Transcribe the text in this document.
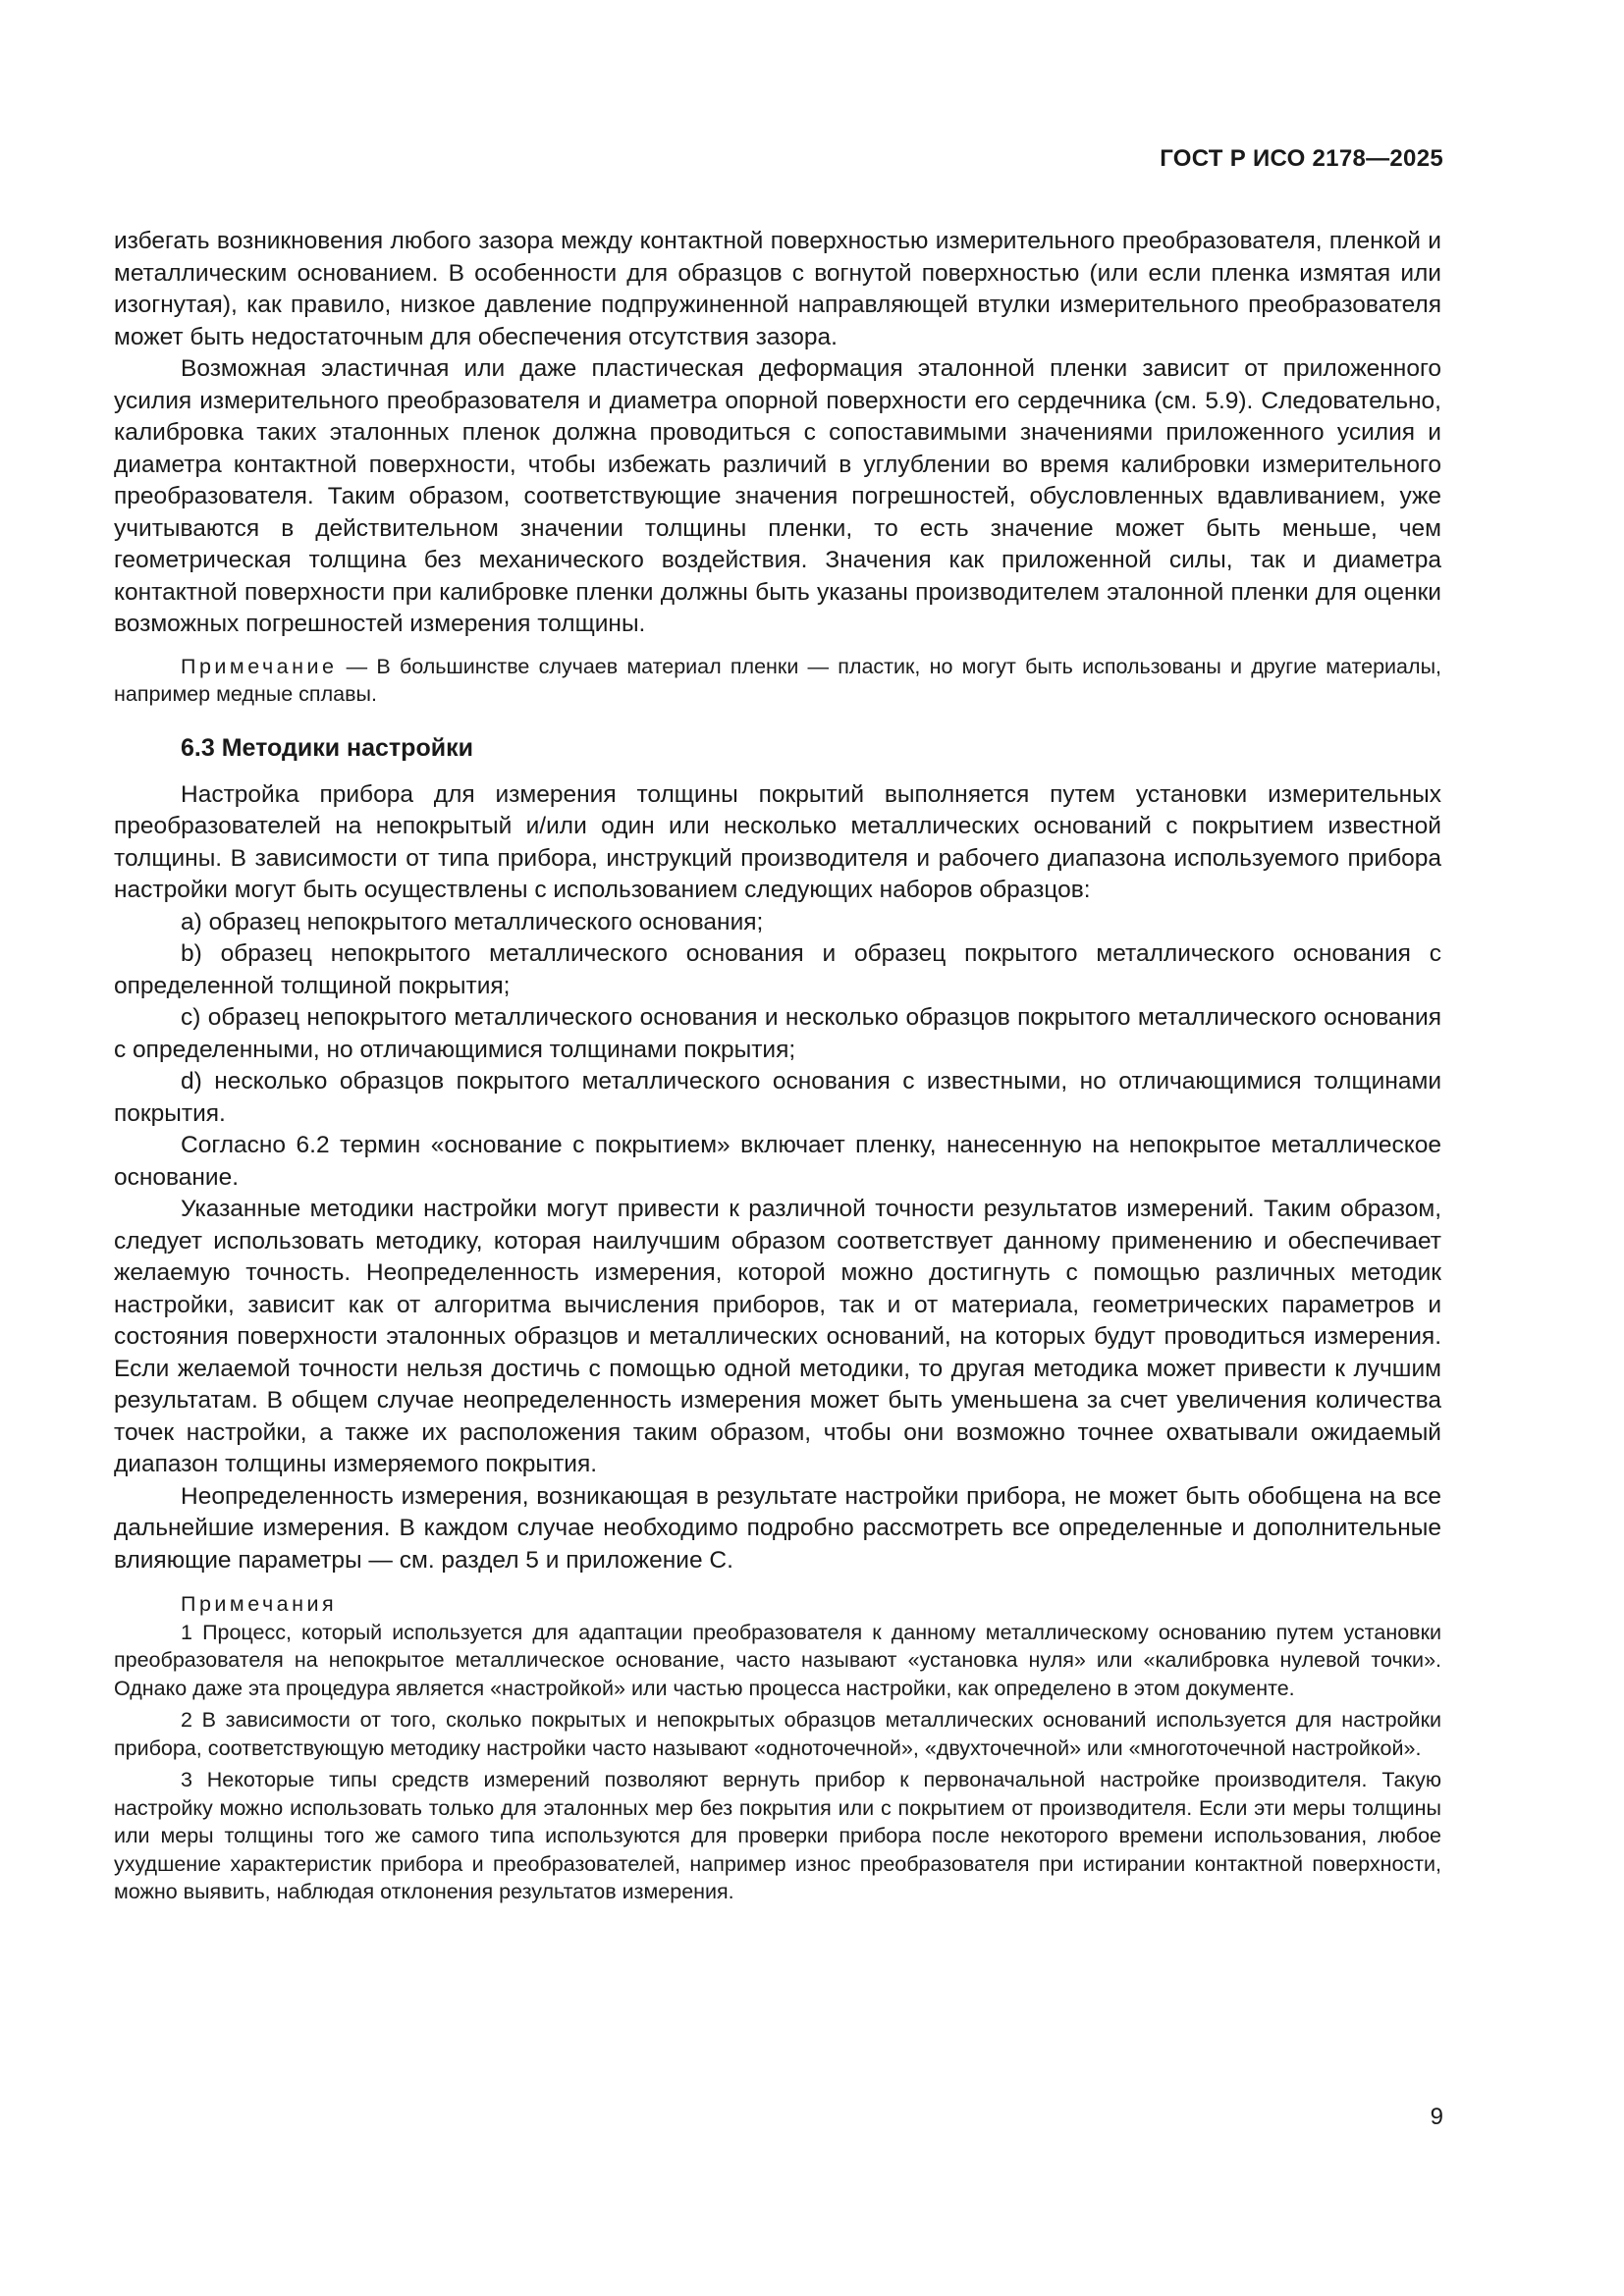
ГОСТ Р ИСО 2178—2025

избегать возникновения любого зазора между контактной поверхностью измерительного преобразователя, пленкой и металлическим основанием. В особенности для образцов с вогнутой поверхностью (или если пленка измятая или изогнутая), как правило, низкое давление подпружиненной направляющей втулки измерительного преобразователя может быть недостаточным для обеспечения отсутствия зазора.

Возможная эластичная или даже пластическая деформация эталонной пленки зависит от приложенного усилия измерительного преобразователя и диаметра опорной поверхности его сердечника (см. 5.9). Следовательно, калибровка таких эталонных пленок должна проводиться с сопоставимыми значениями приложенного усилия и диаметра контактной поверхности, чтобы избежать различий в углублении во время калибровки измерительного преобразователя. Таким образом, соответствующие значения погрешностей, обусловленных вдавливанием, уже учитываются в действительном значении толщины пленки, то есть значение может быть меньше, чем геометрическая толщина без механического воздействия. Значения как приложенной силы, так и диаметра контактной поверхности при калибровке пленки должны быть указаны производителем эталонной пленки для оценки возможных погрешностей измерения толщины.

Примечание — В большинстве случаев материал пленки — пластик, но могут быть использованы и другие материалы, например медные сплавы.

6.3 Методики настройки

Настройка прибора для измерения толщины покрытий выполняется путем установки измерительных преобразователей на непокрытый и/или один или несколько металлических оснований с покрытием известной толщины. В зависимости от типа прибора, инструкций производителя и рабочего диапазона используемого прибора настройки могут быть осуществлены с использованием следующих наборов образцов:

a) образец непокрытого металлического основания;

b) образец непокрытого металлического основания и образец покрытого металлического основания с определенной толщиной покрытия;

c) образец непокрытого металлического основания и несколько образцов покрытого металлического основания с определенными, но отличающимися толщинами покрытия;

d) несколько образцов покрытого металлического основания с известными, но отличающимися толщинами покрытия.

Согласно 6.2 термин «основание с покрытием» включает пленку, нанесенную на непокрытое металлическое основание.

Указанные методики настройки могут привести к различной точности результатов измерений. Таким образом, следует использовать методику, которая наилучшим образом соответствует данному применению и обеспечивает желаемую точность. Неопределенность измерения, которой можно достигнуть с помощью различных методик настройки, зависит как от алгоритма вычисления приборов, так и от материала, геометрических параметров и состояния поверхности эталонных образцов и металлических оснований, на которых будут проводиться измерения. Если желаемой точности нельзя достичь с помощью одной методики, то другая методика может привести к лучшим результатам. В общем случае неопределенность измерения может быть уменьшена за счет увеличения количества точек настройки, а также их расположения таким образом, чтобы они возможно точнее охватывали ожидаемый диапазон толщины измеряемого покрытия.

Неопределенность измерения, возникающая в результате настройки прибора, не может быть обобщена на все дальнейшие измерения. В каждом случае необходимо подробно рассмотреть все определенные и дополнительные влияющие параметры — см. раздел 5 и приложение С.

Примечания

1 Процесс, который используется для адаптации преобразователя к данному металлическому основанию путем установки преобразователя на непокрытое металлическое основание, часто называют «установка нуля» или «калибровка нулевой точки». Однако даже эта процедура является «настройкой» или частью процесса настройки, как определено в этом документе.

2 В зависимости от того, сколько покрытых и непокрытых образцов металлических оснований используется для настройки прибора, соответствующую методику настройки часто называют «одноточечной», «двухточечной» или «многоточечной настройкой».

3 Некоторые типы средств измерений позволяют вернуть прибор к первоначальной настройке производителя. Такую настройку можно использовать только для эталонных мер без покрытия или с покрытием от производителя. Если эти меры толщины или меры толщины того же самого типа используются для проверки прибора после некоторого времени использования, любое ухудшение характеристик прибора и преобразователей, например износ преобразователя при истирании контактной поверхности, можно выявить, наблюдая отклонения результатов измерения.

9
